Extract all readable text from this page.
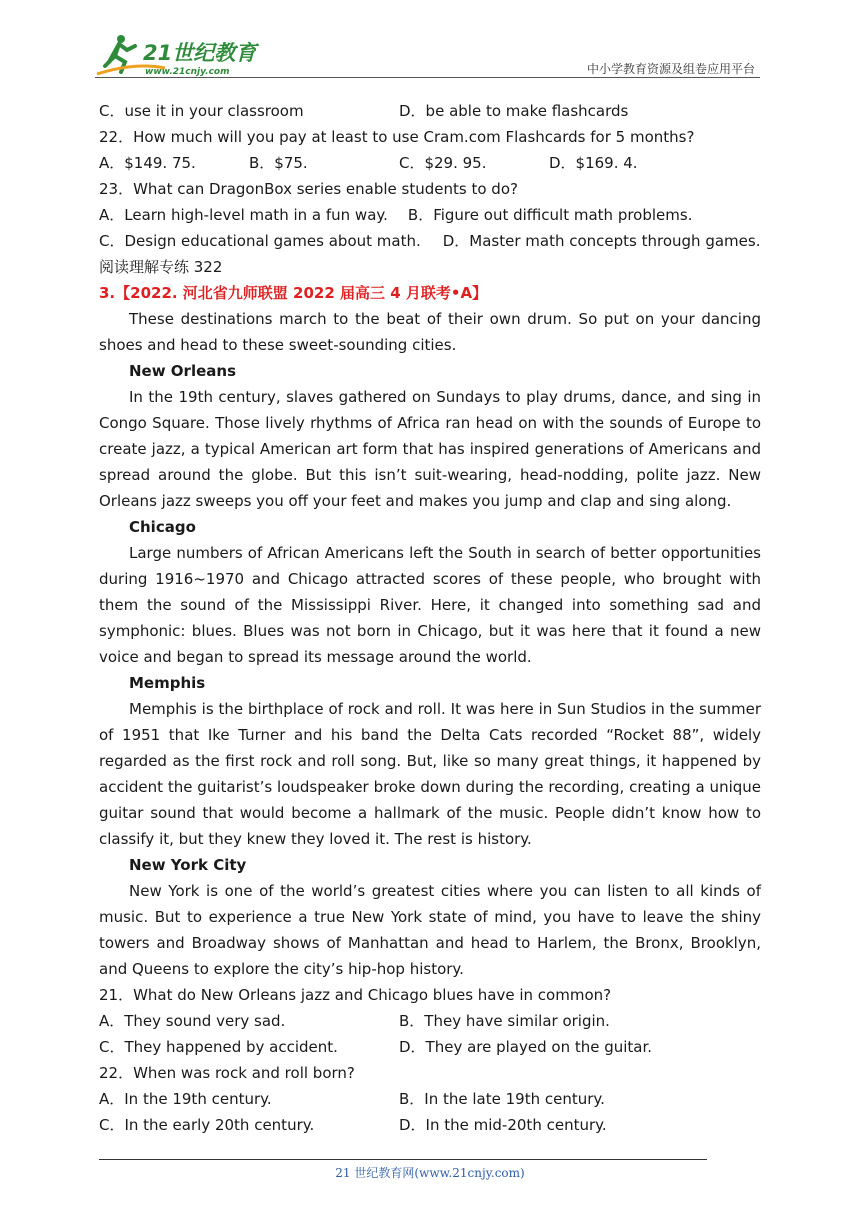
21世纪教育
www.21cnjy.com	中小学教育资源及组卷应用平台
C．use it in your classroom	D．be able to make flashcards
22．How much will you pay at least to use Cram.com Flashcards for 5 months?
A．$149. 75.	B．$75.	C．$29. 95.	D．$169. 4.
23．What can DragonBox series enable students to do?
A．Learn high-level math in a fun way. B．Figure out difficult math problems.
C．Design educational games about math. D．Master math concepts through games.
阅读理解专练 322
3.【2022. 河北省九师联盟 2022 届高三 4 月联考•A】
These destinations march to the beat of their own drum. So put on your dancing shoes and head to these sweet-sounding cities.
New Orleans
In the 19th century, slaves gathered on Sundays to play drums, dance, and sing in Congo Square. Those lively rhythms of Africa ran head on with the sounds of Europe to create jazz, a typical American art form that has inspired generations of Americans and spread around the globe. But this isn’t suit-wearing, head-nodding, polite jazz. New Orleans jazz sweeps you off your feet and makes you jump and clap and sing along.
Chicago
Large numbers of African Americans left the South in search of better opportunities during 1916~1970 and Chicago attracted scores of these people, who brought with them the sound of the Mississippi River. Here, it changed into something sad and symphonic: blues. Blues was not born in Chicago, but it was here that it found a new voice and began to spread its message around the world.
Memphis
Memphis is the birthplace of rock and roll. It was here in Sun Studios in the summer of 1951 that Ike Turner and his band the Delta Cats recorded “Rocket 88”, widely regarded as the first rock and roll song. But, like so many great things, it happened by accident the guitarist’s loudspeaker broke down during the recording, creating a unique guitar sound that would become a hallmark of the music. People didn’t know how to classify it, but they knew they loved it. The rest is history.
New York City
New York is one of the world’s greatest cities where you can listen to all kinds of music. But to experience a true New York state of mind, you have to leave the shiny towers and Broadway shows of Manhattan and head to Harlem, the Bronx, Brooklyn, and Queens to explore the city’s hip-hop history.
21．What do New Orleans jazz and Chicago blues have in common?
A．They sound very sad.	B．They have similar origin.
C．They happened by accident.	D．They are played on the guitar.
22．When was rock and roll born?
A．In the 19th century.	B．In the late 19th century.
C．In the early 20th century.	D．In the mid-20th century.
21 世纪教育网(www.21cnjy.com)
